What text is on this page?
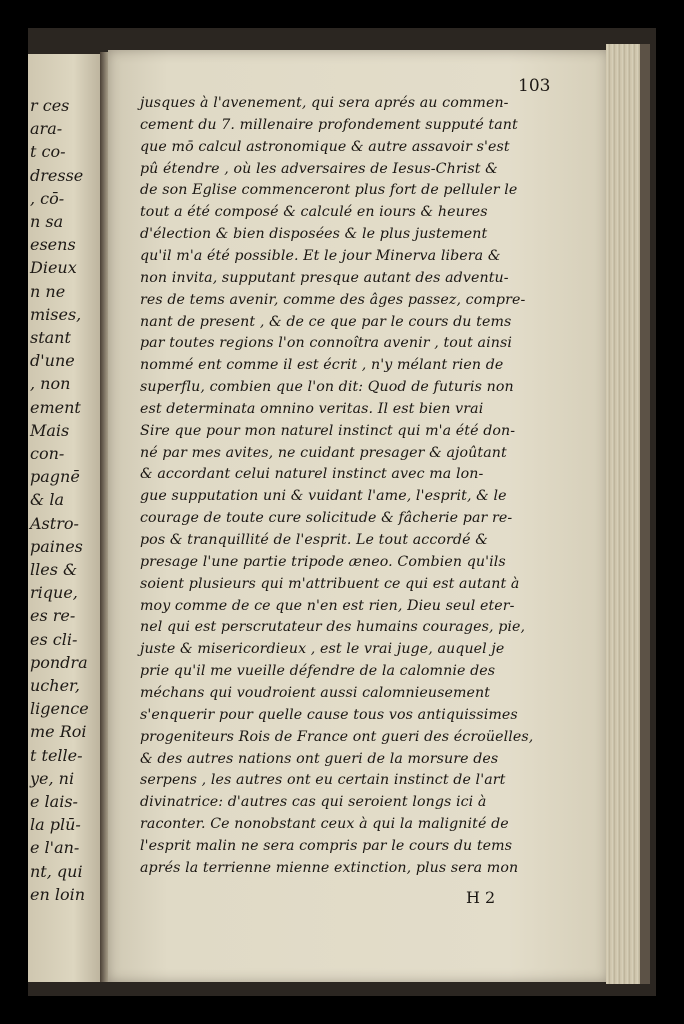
r ces
ara-
t co-
dresse
, cō-
n sa
esens
Dieux
n ne
mises,
stant
d'une
, non
ement
Mais
con-
pagnē
& la
Astro-
paines
lles &
rique,
es re-
es cli-
pondra
ucher,
ligence
me Roi
t telle-
ye, ni
e lais-
la plū-
e l'an-
nt, qui
en loin
103
jusques à l'avenement, qui sera aprés au commen-
cement du 7. millenaire profondement supputé tant
que mō calcul astronomique & autre assavoir s'est
pû étendre , où les adversaires de Iesus-Christ &
de son Eglise commenceront plus fort de pelluler le
tout a été composé & calculé en iours & heures
d'élection & bien disposées & le plus justement
qu'il m'a été possible. Et le jour Minerva libera &
non invita, supputant presque autant des adventu-
res de tems avenir, comme des âges passez, compre-
nant de present , & de ce que par le cours du tems
par toutes regions l'on connoîtra avenir , tout ainsi
nommé ent comme il est écrit , n'y mélant rien de
superflu, combien que l'on dit: Quod de futuris non
est determinata omnino veritas. Il est bien vrai
Sire que pour mon naturel instinct qui m'a été don-
né par mes avites, ne cuidant presager & ajoûtant
& accordant celui naturel instinct avec ma lon-
gue supputation uni & vuidant l'ame, l'esprit, & le
courage de toute cure solicitude & fâcherie par re-
pos & tranquillité de l'esprit. Le tout accordé &
presage l'une partie tripode æneo. Combien qu'ils
soient plusieurs qui m'attribuent ce qui est autant à
moy comme de ce que n'en est rien, Dieu seul eter-
nel qui est perscrutateur des humains courages, pie,
juste & misericordieux , est le vrai juge, auquel je
prie qu'il me vueille défendre de la calomnie des
méchans qui voudroient aussi calomnieusement
s'enquerir pour quelle cause tous vos antiquissimes
progeniteurs Rois de France ont gueri des écroüelles,
& des autres nations ont gueri de la morsure des
serpens , les autres ont eu certain instinct de l'art
divinatrice: d'autres cas qui seroient longs ici à
raconter. Ce nonobstant ceux à qui la malignité de
l'esprit malin ne sera compris par le cours du tems
aprés la terrienne mienne extinction, plus sera mon
H 2
